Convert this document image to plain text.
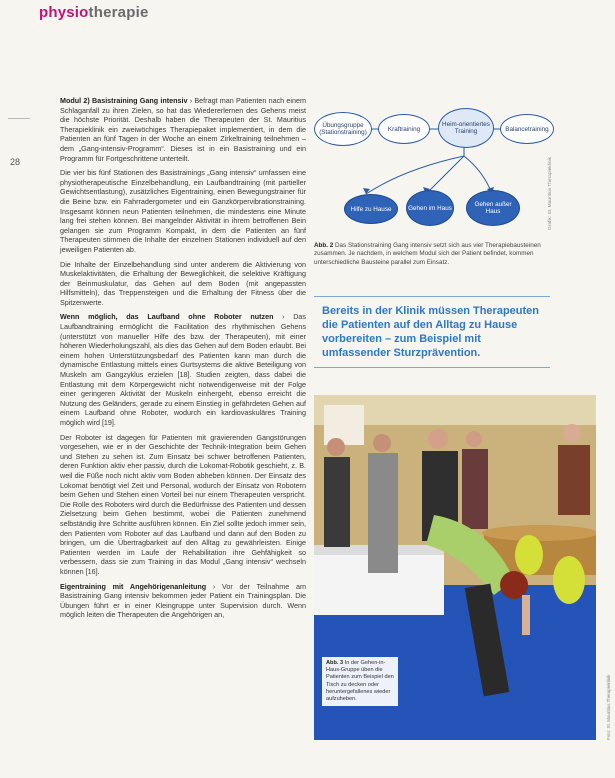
physiotherapie
28

Modul 2) Basistraining Gang intensiv › Befragt man Patienten nach einem Schlaganfall zu ihren Zielen, so hat das Wiedererlernen des Gehens meist die höchste Priorität. Deshalb haben die Therapeuten der St. Mauritius Therapieklinik ein zweiwöchiges Therapiepaket implementiert, in dem die Patienten an fünf Tagen in der Woche an einem Zirkeltraining teilnehmen – dem „Gang-intensiv-Programm“. Dieses ist in ein Basistraining und ein Programm für Fortgeschrittene unterteilt.

Die vier bis fünf Stationen des Basistrainings „Gang intensiv“ umfassen eine physiotherapeutische Einzelbehandlung, ein Laufbandtraining (mit partieller Gewichtsentlastung), zusätzliches Eigentraining, einen Bewegungstrainer für die Beine bzw. ein Fahrradergometer und ein Ganzkörpervibrationstraining. Insgesamt können neun Patienten teilnehmen, die mindestens eine Minute lang frei stehen können. Bei mangelnder Aktivität in ihrem betroffenen Bein gelangen sie zum Programm Kompakt, in dem die Patienten an fünf Therapeuten stimmen die Inhalte der einzelnen Stationen individuell auf den jeweiligen Patienten ab.

Die Inhalte der Einzelbehandlung sind unter anderem die Aktivierung von Muskelaktivitäten, die Erhaltung der Beweglichkeit, die selektive Kräftigung der Beinmuskulatur, das Gehen auf dem Boden (mit angepassten Hilfsmitteln), das Treppensteigen und die Erhaltung der Fitness über die Spitzenwerte.

Wenn möglich, das Laufband ohne Roboter nutzen › Das Laufbandtraining ermöglicht die Facilitation des rhythmischen Gehens (unterstützt von manueller Hilfe des bzw. der Therapeuten), mit einer höheren Wiederholungszahl, als dies das Gehen auf dem Boden erlaubt. Bei einem hohen Unterstützungsbedarf des Patienten kann man durch die dynamische Entlastung mittels eines Gurtsystems die aktive Beteiligung von Muskeln am Gangzyklus erzielen [18]. Studien zeigten, dass dabei die Entlastung mit dem Körpergewicht nicht notwendigerweise mit der Folge einer geringeren Aktivität der Muskeln einhergeht, ebenso erreicht die Nutzung des Geländers, gerade zu einem Einstieg in gefährdeten Gehen auf einem Laufband ohne Roboter, wodurch ein kardiovaskuläres Training möglich wird [19].

Der Roboter ist dagegen für Patienten mit gravierenden Gangstörungen vorgesehen, wie er in der Geschichte der Technik-Integration beim Gehen und Stehen zu sehen ist. Zum Einsatz bei schwer betroffenen Patienten, deren Funktion aktiv eher passiv, durch die Lokomat-Robotik geschieht, z. B. weil die Füße noch nicht aktiv vom Boden abheben können. Der Einsatz des Lokomat benötigt viel Zeit und Personal, wodurch der Einsatz von Robotern beim Gehen und Stehen einen Vorteil bei nur einem Therapeuten verspricht. Die Rolle des Roboters wird durch die Bedürfnisse des Patienten und dessen Zielsetzung beim Gehen bestimmt, wobei die Patienten zunehmend selbständig ihre Schritte ausführen können. Ein Ziel sollte jedoch immer sein, den Patienten vom Roboter auf das Laufband und dann auf den Boden zu bringen, um die Übertragbarkeit auf den Alltag zu gewährleisten. Einige Patienten werden im Laufe der Rehabilitation ihre Gehfähigkeit so verbessern, dass sie zum Training in das Modul „Gang intensiv“ wechseln können [16].

Eigentraining mit Angehörigenanleitung › Vor der Teilnahme am Basistraining Gang intensiv bekommen jeder Patient ein Trainingsplan. Die Übungen führt er in einer Kleingruppe unter Supervision durch. Wenn möglich leiten die Therapeuten die Angehörigen an,

Übungsgruppe (Stationstraining)	Kraftraining
Heim-orientiertes Training	Balancetraining
Hilfe zu Hause	Gehen im Haus	Gehen außer Haus	Grafik: St. Mauritius Therapieklinik
Abb. 2 Das Stationstraining Gang intensiv setzt sich aus vier Therapiebausteinen zusammen. Je nachdem, in welchem Modul sich der Patient befindet, kommen unterschiedliche Bausteine parallel zum Einsatz.
Bereits in der Klinik müssen Therapeuten die Patienten auf den Alltag zu Hause vorbereiten – zum Beispiel mit umfassender Sturzprävention.
Abb. 3 In der Gehen-in-Haus-Gruppe üben die Patienten zum Beispiel den Tisch zu decken oder heruntergefallenes wieder aufzuheben.	Foto: St. Mauritius Therapieklinik
